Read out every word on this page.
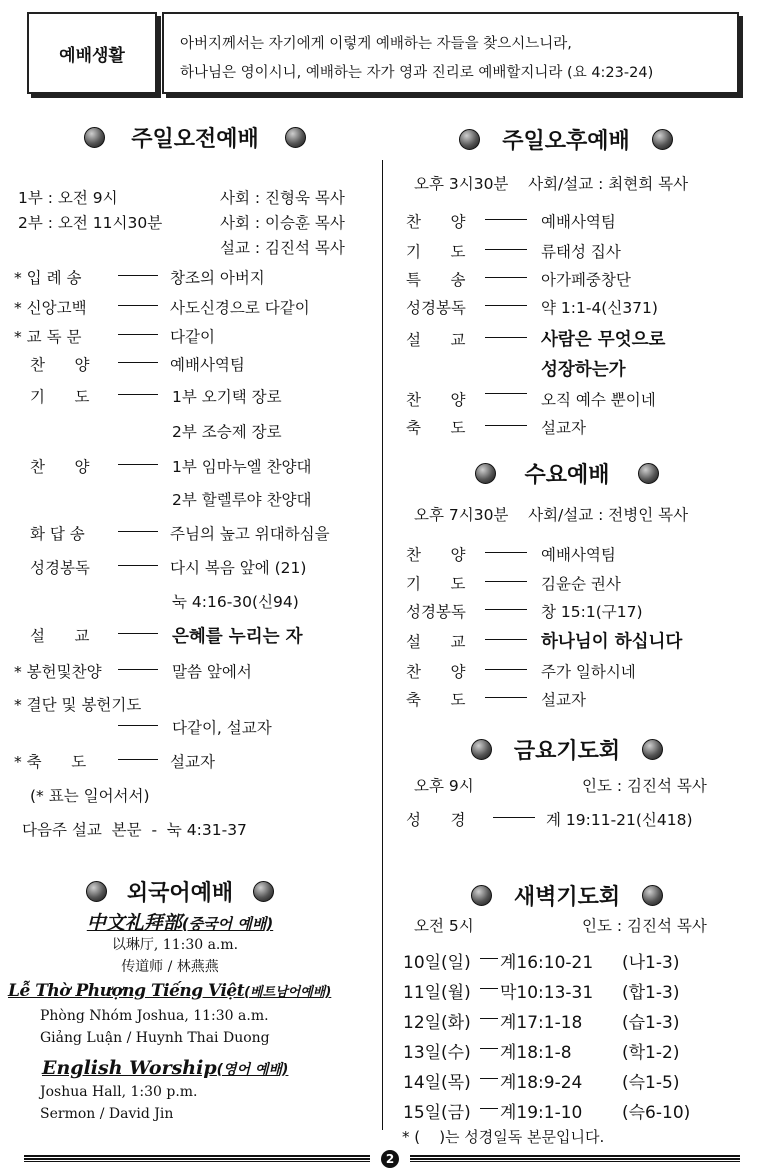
예배생활
아버지께서는 자기에게 이렇게 예배하는 자들을 찾으시느니라,
하나님은 영이시니, 예배하는 자가 영과 진리로 예배할지니라 (요 4:23-24)
주일오전예배
1부 : 오전 9시	사회 : 진형욱 목사
2부 : 오전 11시30분	사회 : 이승훈 목사
설교 : 김진석 목사
* 입 례 송	창조의 아버지
* 신앙고백	사도신경으로 다같이
* 교 독 문	다같이
찬      양	예배사역팀
기      도	1부 오기택 장로
2부 조승제 장로
찬      양	1부 임마누엘 찬양대
2부 할렐루야 찬양대
화 답 송	주님의 높고 위대하심을
성경봉독	다시 복음 앞에 (21)
눅 4:16-30(신94)
설      교	은혜를 누리는 자
* 봉헌및찬양	말씀 앞에서
* 결단 및 봉헌기도
다같이, 설교자
* 축      도	설교자
(* 표는 일어서서)
다음주 설교  본문  -  눅 4:31-37
외국어예배
中文礼拜部(중국어 예배)
以琳厅, 11:30 a.m.
传道师 / 林燕燕
Lễ Thờ Phượng Tiếng Việt(베트남어예배)
Phòng Nhóm Joshua, 11:30 a.m.
Giảng Luận / Huynh Thai Duong
English Worship(영어 예배)
Joshua Hall, 1:30 p.m.
Sermon / David Jin
주일오후예배
오후 3시30분    사회/설교 : 최현희 목사
찬      양	예배사역팀
기      도	류태성 집사
특      송	아가페중창단
성경봉독	약 1:1-4(신371)
설      교	사람은 무엇으로
성장하는가
찬      양	오직 예수 뿐이네
축      도	설교자
수요예배
오후 7시30분    사회/설교 : 전병인 목사
찬      양	예배사역팀
기      도	김윤순 권사
성경봉독	창 15:1(구17)
설      교	하나님이 하십니다
찬      양	주가 일하시네
축      도	설교자
금요기도회
오후 9시	인도 : 김진석 목사
성      경	계 19:11-21(신418)
새벽기도회
오전 5시	인도 : 김진석 목사
10일(일) 계16:10-21 (나1-3)
11일(월) 막10:13-31 (합1-3)
12일(화) 계17:1-18 (습1-3)
13일(수) 계18:1-8	(학1-2)
14일(목) 계18:9-24 (슥1-5)
15일(금) 계19:1-10 (슥6-10)
* (    )는 성경일독 본문입니다.
2
